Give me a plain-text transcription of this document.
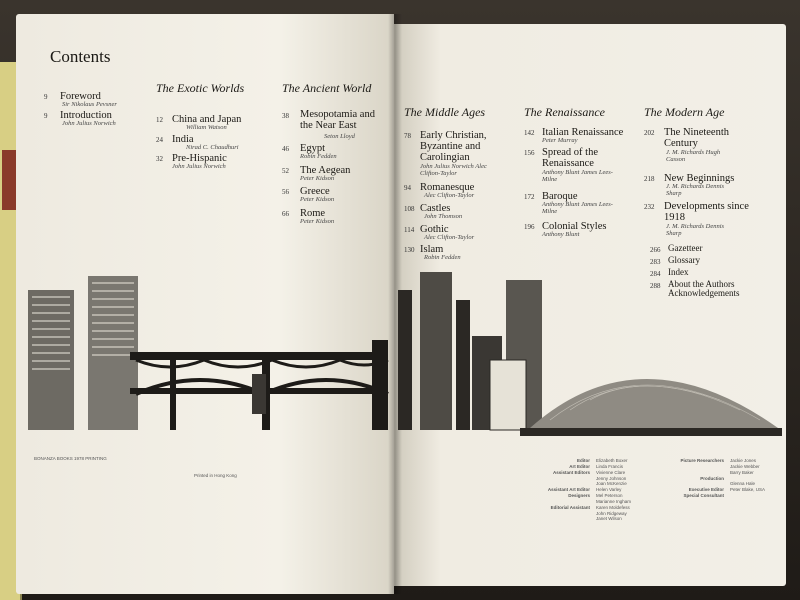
Contents
9 Foreword
Sir Nikolaus Pevsner
9 Introduction
John Julius Norwich
The Exotic Worlds
12 China and Japan
William Watson
24 India
Nirad C. Chaudhuri
32 Pre-Hispanic
John Julius Norwich
The Ancient World
38 Mesopotamia and the Near East
Seton Lloyd
46 Egypt
Robin Fedden
52 The Aegean
Peter Kidson
56 Greece
Peter Kidson
66 Rome
Peter Kidson
The Middle Ages
78 Early Christian, Byzantine and Carolingian
John Julius Norwich Alec Clifton-Taylor
94 Romanesque
Alec Clifton-Taylor
108 Castles
John Thomson
114 Gothic
Alec Clifton-Taylor
130 Islam
Robin Fedden
The Renaissance
142 Italian Renaissance
Peter Murray
156 Spread of the Renaissance
Anthony Blunt James Lees-Milne
172 Baroque
Anthony Blunt James Lees-Milne
196 Colonial Styles
Anthony Blunt
The Modern Age
202 The Nineteenth Century
J. M. Richards Hugh Casson
218 New Beginnings
J. M. Richards Dennis Sharp
232 Developments since 1918
J. M. Richards Dennis Sharp
266 Gazetteer
283 Glossary
284 Index
288 About the Authors Acknowledgements
BONANZA BOOKS 1978 PRINTING
Printed in Hong Kong
Editor
Art Editor
Assistant Editors

Assistant Art Editor
Designers

Editorial Assistant
Elizabeth Boxer
Linda Francis
Vivienne Clare
Jenny Johnson
Joan McKenzie
Helen Varley
Mel Peterson
Marianne Ingham
Karen Moldefess
John Ridgeway
Janet Wilson
Picture Researchers

Production

Executive Editor
Special Consultant
Jackie Jones
Jackie Webber
Barry Baker

Glenna Hale
Peter Blake, USA
